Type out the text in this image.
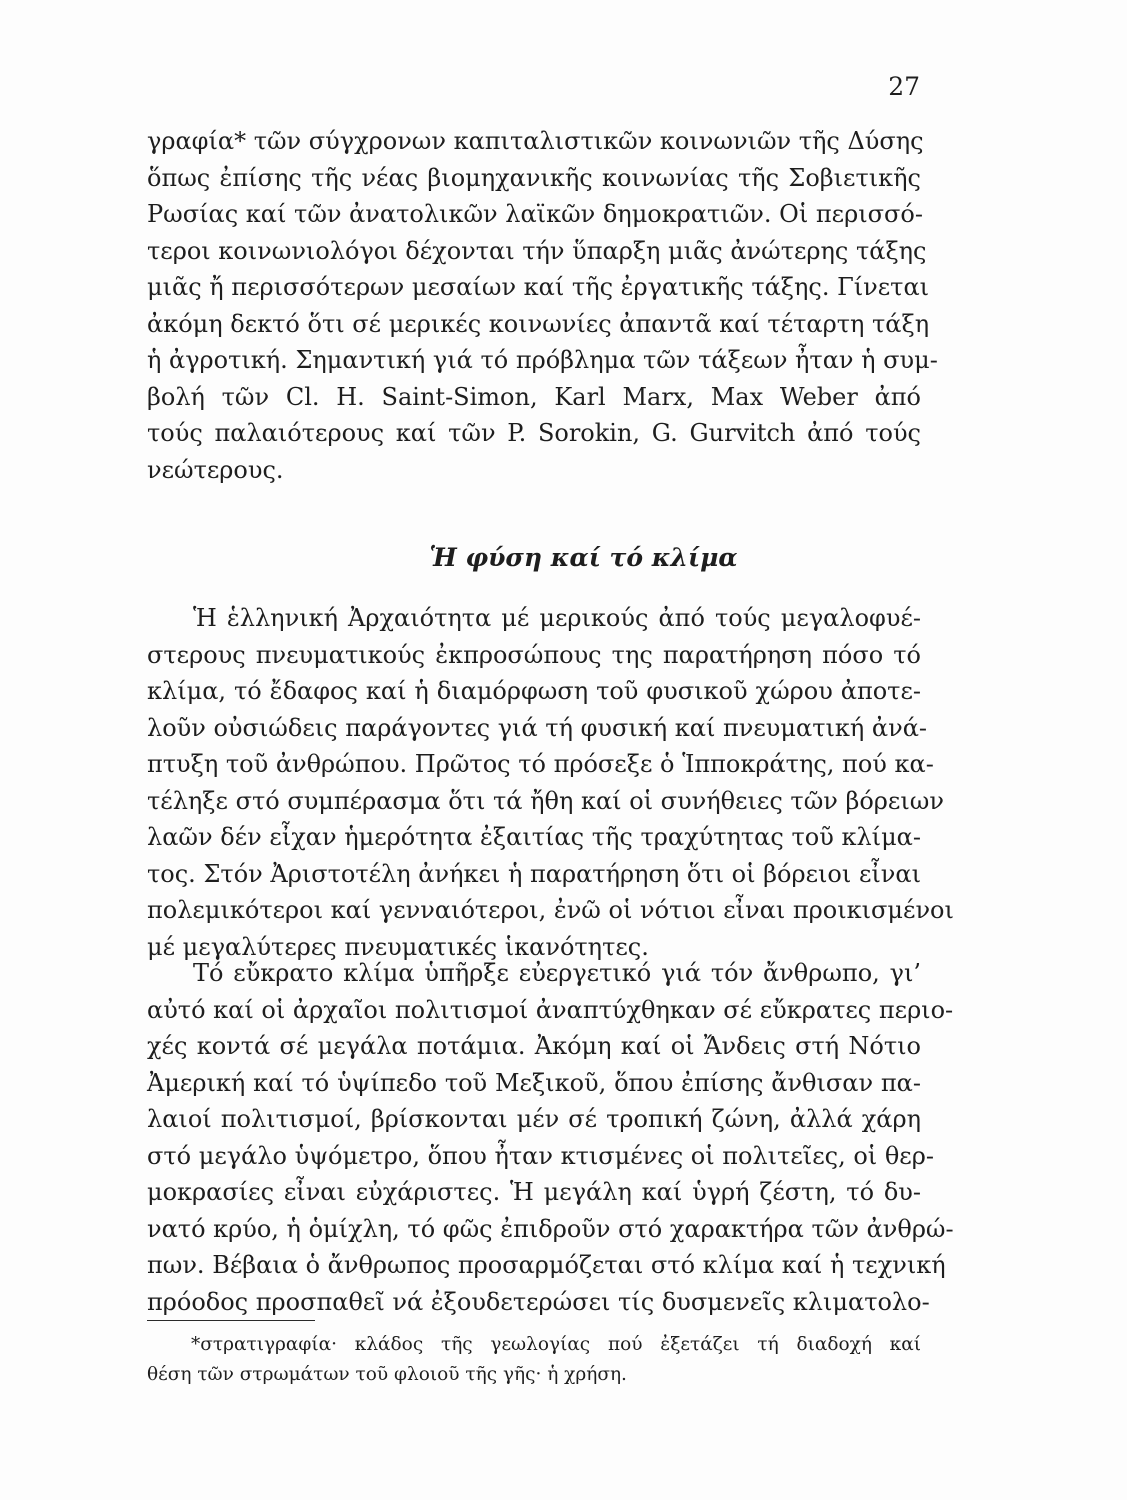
27
γραφία* τῶν σύγχρονων καπιταλιστικῶν κοινωνιῶν τῆς Δύσης
ὅπως ἐπίσης τῆς νέας βιομηχανικῆς κοινωνίας τῆς Σοβιετικῆς
Ρωσίας καί τῶν ἀνατολικῶν λαϊκῶν δημοκρατιῶν. Οἱ περισσό-
τεροι κοινωνιολόγοι δέχονται τήν ὕπαρξη μιᾶς ἀνώτερης τάξης
μιᾶς ἤ περισσότερων μεσαίων καί τῆς ἐργατικῆς τάξης. Γίνεται
ἀκόμη δεκτό ὅτι σέ μερικές κοινωνίες ἀπαντᾶ καί τέταρτη τάξη
ἡ ἀγροτική. Σημαντική γιά τό πρόβλημα τῶν τάξεων ἦταν ἡ συμ-
βολή τῶν Cl. H. Saint-Simon, Karl Marx, Max Weber ἀπό
τούς παλαιότερους καί τῶν P. Sorokin, G. Gurvitch ἀπό τούς
νεώτερους.
Ἡ φύση καί τό κλίμα
Ἡ ἑλληνική Ἀρχαιότητα μέ μερικούς ἀπό τούς μεγαλοφυέ-
στερους πνευματικούς ἐκπροσώπους της παρατήρηση πόσο τό
κλίμα, τό ἔδαφος καί ἡ διαμόρφωση τοῦ φυσικοῦ χώρου ἀποτε-
λοῦν οὐσιώδεις παράγοντες γιά τή φυσική καί πνευματική ἀνά-
πτυξη τοῦ ἀνθρώπου. Πρῶτος τό πρόσεξε ὁ Ἱπποκράτης, πού κα-
τέληξε στό συμπέρασμα ὅτι τά ἤθη καί οἱ συνήθειες τῶν βόρειων
λαῶν δέν εἶχαν ἡμερότητα ἐξαιτίας τῆς τραχύτητας τοῦ κλίμα-
τος. Στόν Ἀριστοτέλη ἀνήκει ἡ παρατήρηση ὅτι οἱ βόρειοι εἶναι
πολεμικότεροι καί γενναιότεροι, ἐνῶ οἱ νότιοι εἶναι προικισμένοι
μέ μεγαλύτερες πνευματικές ἱκανότητες.
Τό εὔκρατο κλίμα ὑπῆρξε εὐεργετικό γιά τόν ἄνθρωπο, γι’
αὐτό καί οἱ ἀρχαῖοι πολιτισμοί ἀναπτύχθηκαν σέ εὔκρατες περιο-
χές κοντά σέ μεγάλα ποτάμια. Ἀκόμη καί οἱ Ἄνδεις στή Νότιο
Ἀμερική καί τό ὑψίπεδο τοῦ Μεξικοῦ, ὅπου ἐπίσης ἄνθισαν πα-
λαιοί πολιτισμοί, βρίσκονται μέν σέ τροπική ζώνη, ἀλλά χάρη
στό μεγάλο ὑψόμετρο, ὅπου ἦταν κτισμένες οἱ πολιτεῖες, οἱ θερ-
μοκρασίες εἶναι εὐχάριστες. Ἡ μεγάλη καί ὑγρή ζέστη, τό δυ-
νατό κρύο, ἡ ὁμίχλη, τό φῶς ἐπιδροῦν στό χαρακτήρα τῶν ἀνθρώ-
πων. Βέβαια ὁ ἄνθρωπος προσαρμόζεται στό κλίμα καί ἡ τεχνική
πρόοδος προσπαθεῖ νά ἐξουδετερώσει τίς δυσμενεῖς κλιματολο-
*στρατιγραφία· κλάδος τῆς γεωλογίας πού ἐξετάζει τή διαδοχή καί
θέση τῶν στρωμάτων τοῦ φλοιοῦ τῆς γῆς· ἡ χρήση.
